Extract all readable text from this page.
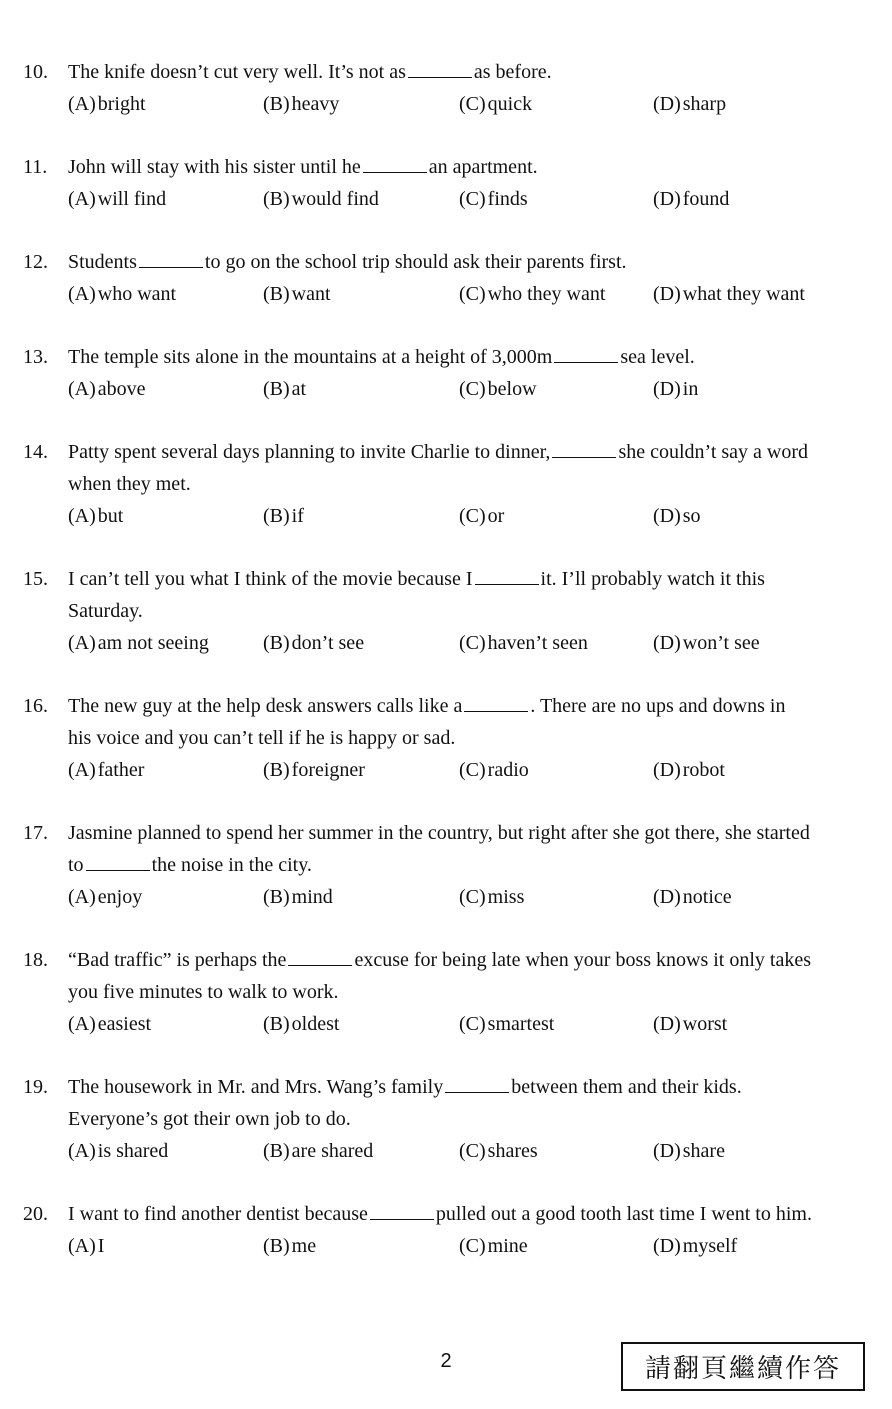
10. The knife doesn’t cut very well. It’s not as	as before.
(A) bright	(B) heavy	(C) quick	(D) sharp
11. John will stay with his sister until he	an apartment.
(A) will find	(B) would find	(C) finds	(D) found
12. Students	to go on the school trip should ask their parents first.
(A) who want	(B) want	(C) who they want (D) what they want
13. The temple sits alone in the mountains at a height of 3,000m	sea level.
(A) above	(B) at	(C) below	(D) in
14. Patty spent several days planning to invite Charlie to dinner,	she couldn’t say a word
when they met.
(A) but	(B) if	(C) or	(D) so
15. I can’t tell you what I think of the movie because I	it. I’ll probably watch it this
Saturday.
(A) am not seeing	(B) don’t see	(C) haven’t seen	(D) won’t see
16. The new guy at the help desk answers calls like a	. There are no ups and downs in
his voice and you can’t tell if he is happy or sad.
(A) father	(B) foreigner	(C) radio	(D) robot
17. Jasmine planned to spend her summer in the country, but right after she got there, she started
to	the noise in the city.
(A) enjoy	(B) mind	(C) miss	(D) notice
18. “Bad traffic” is perhaps the	excuse for being late when your boss knows it only takes
you five minutes to walk to work.
(A) easiest	(B) oldest	(C) smartest	(D) worst
19. The housework in Mr. and Mrs. Wang’s family	between them and their kids.
Everyone’s got their own job to do.
(A) is shared	(B) are shared	(C) shares	(D) share
20. I want to find another dentist because	pulled out a good tooth last time I went to him.
(A) I	(B) me	(C) mine	(D) myself
2	請翻頁繼續作答
